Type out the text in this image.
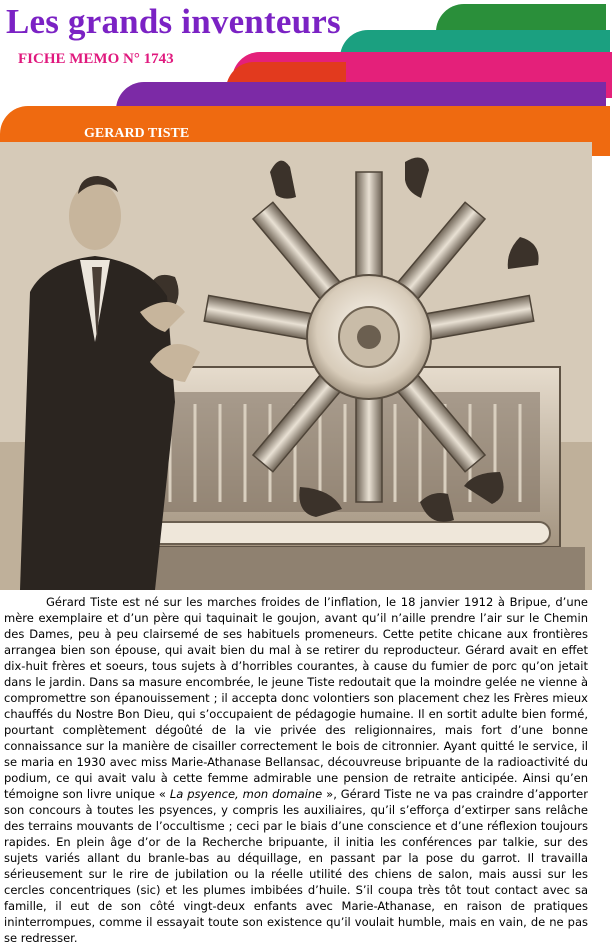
Les grands inventeurs
FICHE MEMO N° 1743
GERARD TISTE
Gérard Tiste est né sur les marches froides de l’inflation, le 18 janvier 1912 à Bripue, d’une mère exemplaire et d’un père qui taquinait le goujon, avant qu’il n’aille prendre l’air sur le Chemin des Dames, peu à peu clairsemé de ses habituels promeneurs. Cette petite chicane aux frontières arrangea bien son épouse, qui avait bien du mal à se retirer du reproducteur. Gérard avait en effet dix-huit frères et soeurs, tous sujets à d’horribles courantes, à cause du fumier de porc qu’on jetait dans le jardin. Dans sa masure encombrée, le jeune Tiste redoutait que la moindre gelée ne vienne à compromettre son épanouissement ; il accepta donc volontiers son placement chez les Frères mieux chauffés du Nostre Bon Dieu, qui s’occupaient de pédagogie humaine. Il en sortit adulte bien formé, pourtant complètement dégoûté de la vie privée des religionnaires, mais fort d’une bonne connaissance sur la manière de cisailler correctement le bois de citronnier. Ayant quitté le service, il se maria en 1930 avec miss Marie-Athanase Bellansac, découvreuse bripuante de la radioactivité du podium, ce qui avait valu à cette femme admirable une pension de retraite anticipée. Ainsi qu’en témoigne son livre unique « La psyence, mon domaine », Gérard Tiste ne va pas craindre d’apporter son concours à toutes les psyences, y compris les auxiliaires, qu’il s’efforça d’extirper sans relâche des terrains mouvants de l’occultisme ; ceci par le biais d’une conscience et d’une réflexion toujours rapides. En plein âge d’or de la Recherche bripuante, il initia les conférences par talkie, sur des sujets variés allant du branle-bas au déquillage, en passant par la pose du garrot. Il travailla sérieusement sur le rire de jubilation ou la réelle utilité des chiens de salon, mais aussi sur les cercles concentriques (sic) et les plumes imbibées d’huile. S’il coupa très tôt tout contact avec sa famille, il eut de son côté vingt-deux enfants avec Marie-Athanase, en raison de pratiques ininterrompues, comme il essayait toute son existence qu’il voulait humble, mais en vain, de ne pas se redresser.
